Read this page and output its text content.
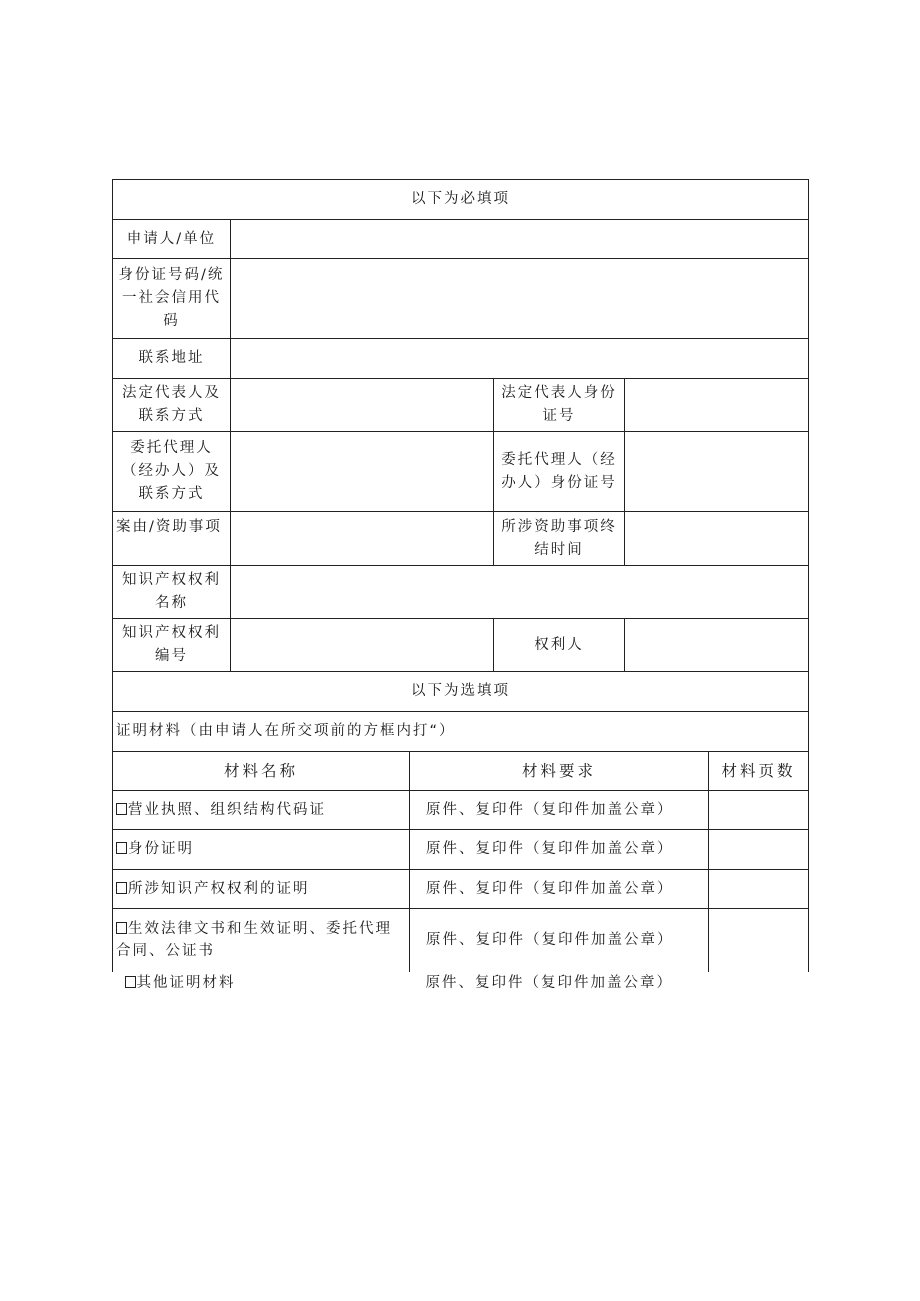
以下为必填项			
申请人/单位			
身份证号码/统一社会信用代码			
联系地址			
法定代表人及联系方式		法定代表人身份证号	
委托代理人（经办人）及联系方式		委托代理人（经办人）身份证号	
案由/资助事项		所涉资助事项终结时间	
知识产权权利名称			
知识产权权利编号		权利人	
以下为选填项			
证明材料（由申请人在所交项前的方框内打“）			
材料名称	材料要求	材料页数
营业执照、组织结构代码证	原件、复印件（复印件加盖公章）	
身份证明	原件、复印件（复印件加盖公章）	
所涉知识产权权利的证明	原件、复印件（复印件加盖公章）	
生效法律文书和生效证明、委托代理合同、公证书	原件、复印件（复印件加盖公章）	
其他证明材料	原件、复印件（复印件加盖公章）	
